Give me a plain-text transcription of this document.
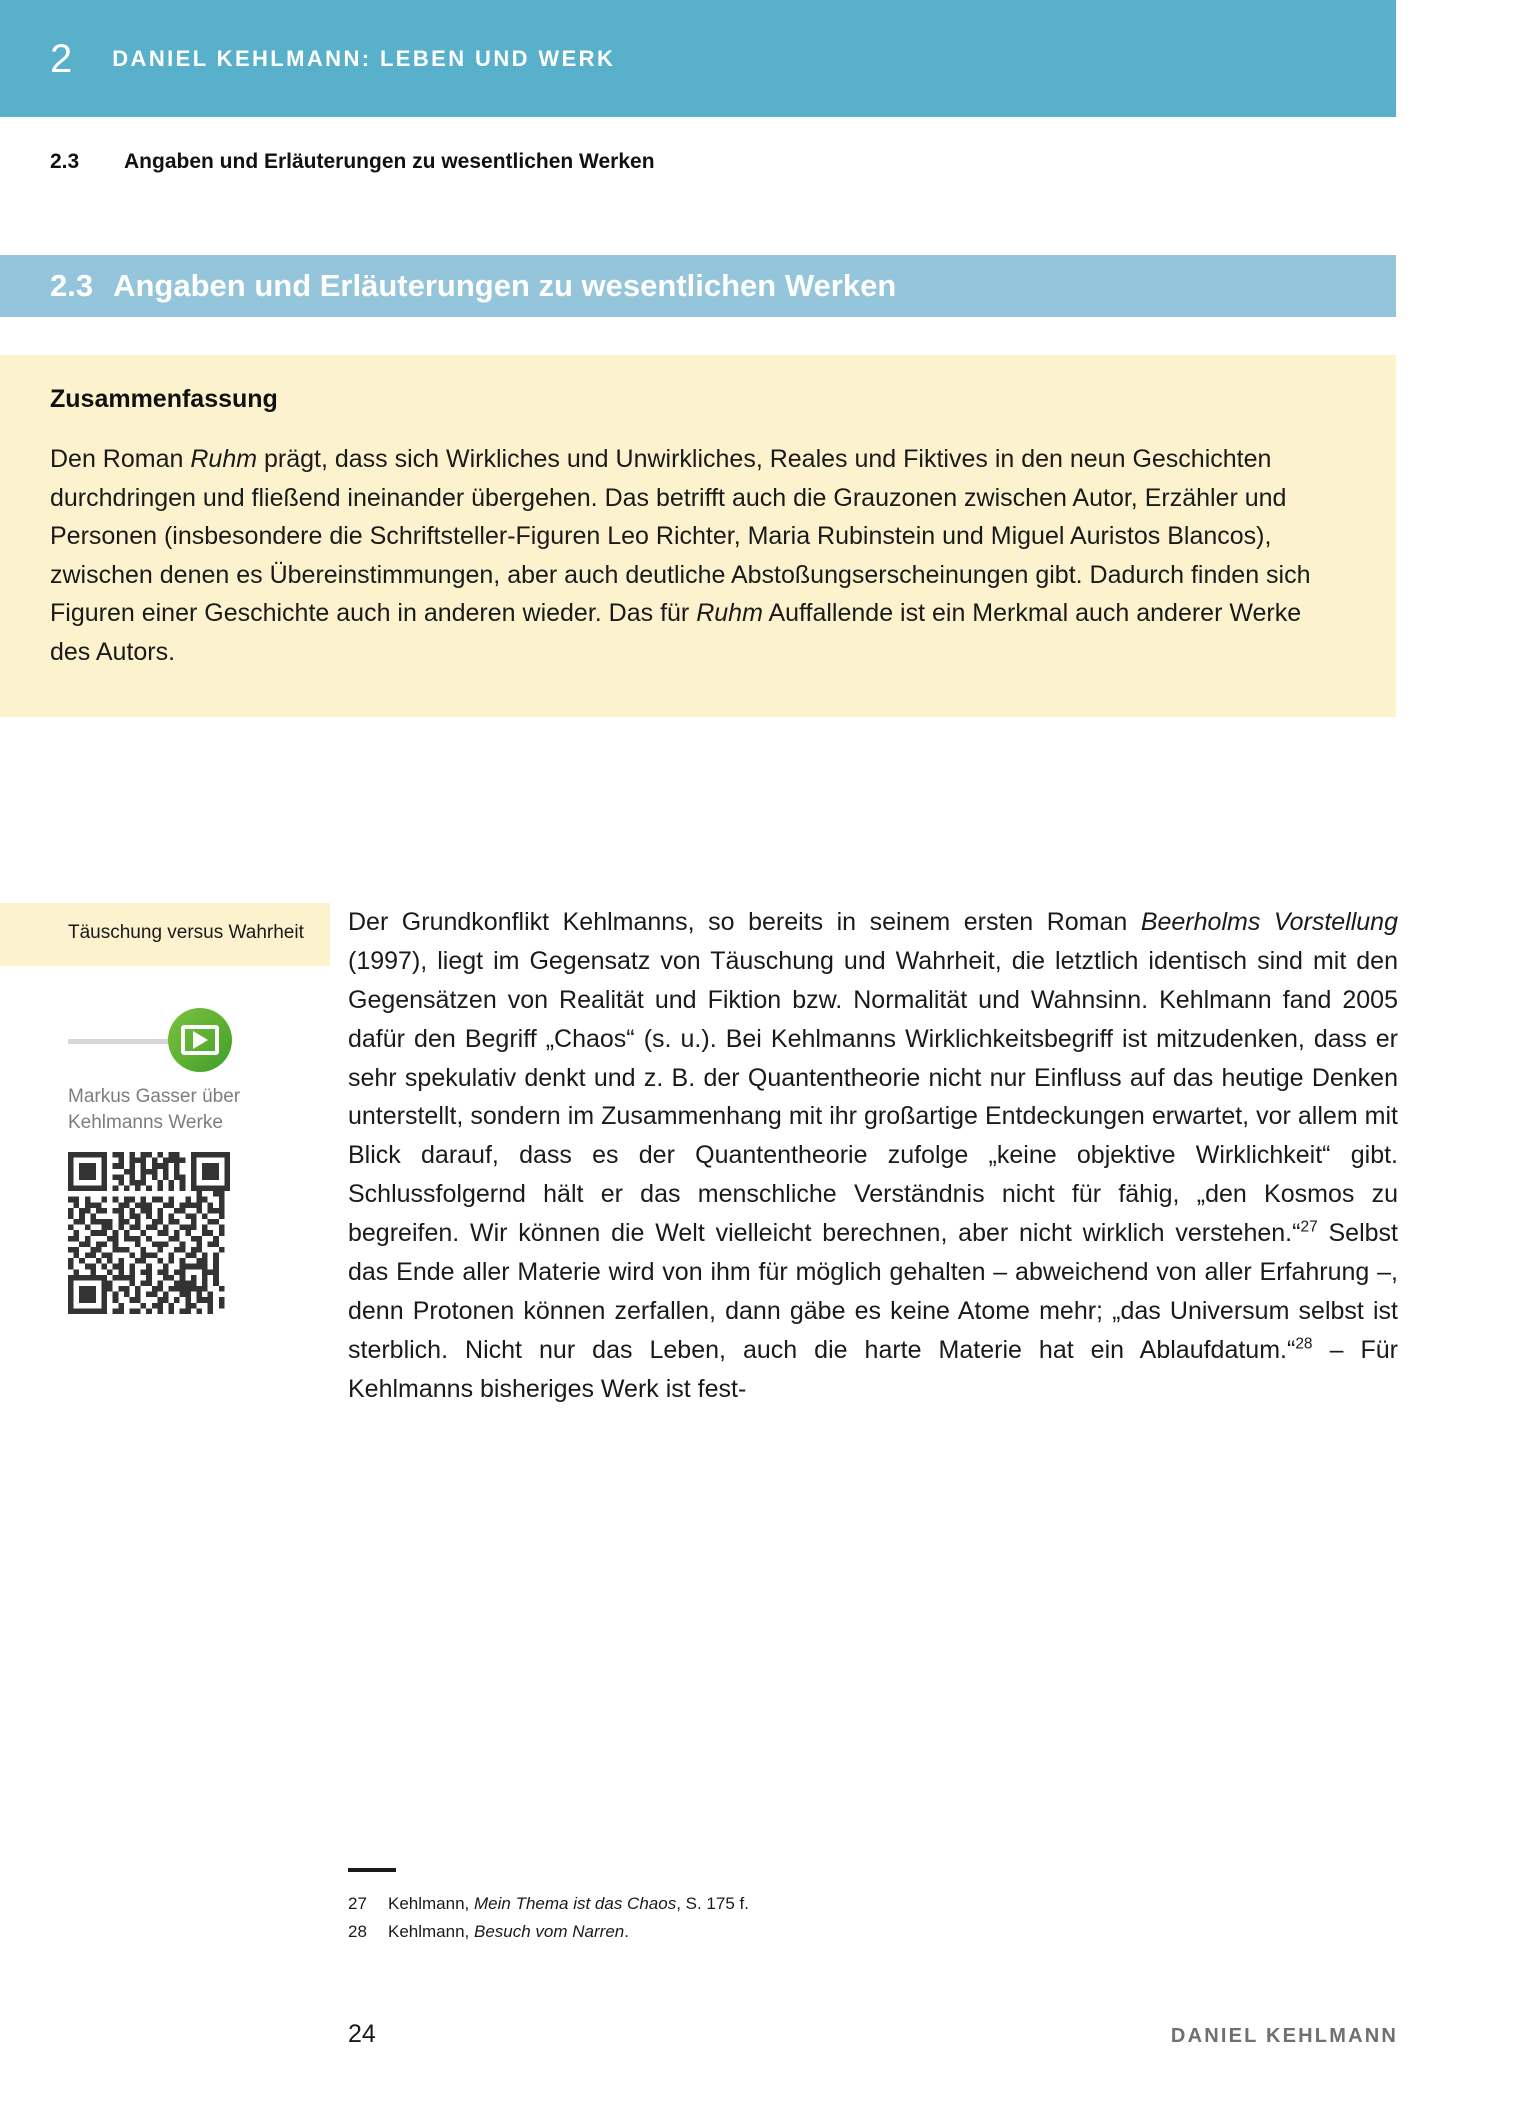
2 DANIEL KEHLMANN: LEBEN UND WERK
2.3	Angaben und Erläuterungen zu wesentlichen Werken
2.3 Angaben und Erläuterungen zu wesentlichen Werken
Zusammenfassung

Den Roman Ruhm prägt, dass sich Wirkliches und Unwirkliches, Reales und Fiktives in den neun Geschichten durchdringen und fließend ineinander übergehen. Das betrifft auch die Grauzonen zwischen Autor, Erzähler und Personen (insbesondere die Schriftsteller-Figuren Leo Richter, Maria Rubinstein und Miguel Auristos Blancos), zwischen denen es Übereinstimmungen, aber auch deutliche Abstoßungserscheinungen gibt. Dadurch finden sich Figuren einer Geschichte auch in anderen wieder. Das für Ruhm Auffallende ist ein Merkmal auch anderer Werke des Autors.

Täuschung versus Wahrheit
Markus Gasser über Kehlmanns Werke

Der Grundkonflikt Kehlmanns, so bereits in seinem ersten Roman Beerholms Vorstellung (1997), liegt im Gegensatz von Täuschung und Wahrheit, die letztlich identisch sind mit den Gegensätzen von Realität und Fiktion bzw. Normalität und Wahnsinn. Kehlmann fand 2005 dafür den Begriff „Chaos“ (s. u.). Bei Kehlmanns Wirklichkeitsbegriff ist mitzudenken, dass er sehr spekulativ denkt und z. B. der Quantentheorie nicht nur Einfluss auf das heutige Denken unterstellt, sondern im Zusammenhang mit ihr großartige Entdeckungen erwartet, vor allem mit Blick darauf, dass es der Quantentheorie zufolge „keine objektive Wirklichkeit“ gibt. Schlussfolgernd hält er das menschliche Verständnis nicht für fähig, „den Kosmos zu begreifen. Wir können die Welt vielleicht berechnen, aber nicht wirklich verstehen.“$^{27}$ Selbst das Ende aller Materie wird von ihm für möglich gehalten – abweichend von aller Erfahrung –, denn Protonen können zerfallen, dann gäbe es keine Atome mehr; „das Universum selbst ist sterblich. Nicht nur das Leben, auch die harte Materie hat ein Ablaufdatum.“$^{28}$ – Für Kehlmanns bisheriges Werk ist fest-

27	Kehlmann, Mein Thema ist das Chaos, S. 175 f.
28	Kehlmann, Besuch vom Narren.
24	DANIEL KEHLMANN
